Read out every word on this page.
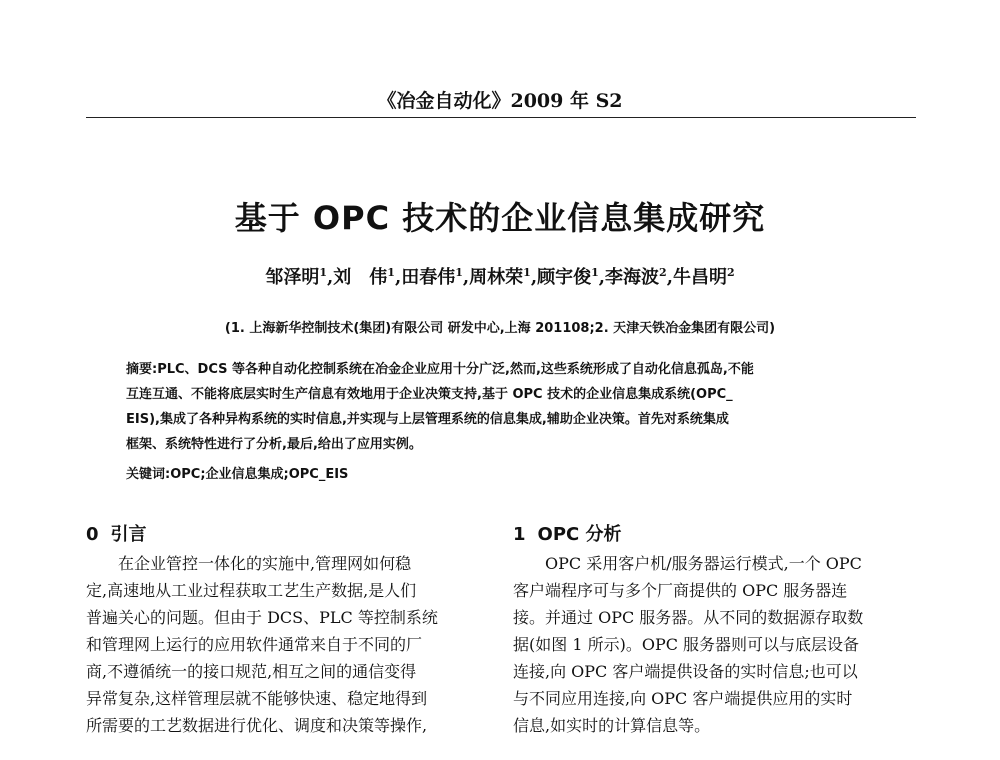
《冶金自动化》2009 年 S2
基于 OPC 技术的企业信息集成研究
邹泽明$^1$,刘　伟$^1$,田春伟$^1$,周林荣$^1$,顾宇俊$^1$,李海波$^2$,牛昌明$^2$
(1. 上海新华控制技术(集团)有限公司 研发中心,上海 201108;2. 天津天铁冶金集团有限公司)
摘要:PLC、DCS 等各种自动化控制系统在冶金企业应用十分广泛,然而,这些系统形成了自动化信息孤岛,不能
互连互通、不能将底层实时生产信息有效地用于企业决策支持,基于 OPC 技术的企业信息集成系统(OPC_
EIS),集成了各种异构系统的实时信息,并实现与上层管理系统的信息集成,辅助企业决策。首先对系统集成
框架、系统特性进行了分析,最后,给出了应用实例。
关键词:OPC;企业信息集成;OPC_EIS
0 引言
在企业管控一体化的实施中,管理网如何稳
定,高速地从工业过程获取工艺生产数据,是人们
普遍关心的问题。但由于 DCS、PLC 等控制系统
和管理网上运行的应用软件通常来自于不同的厂
商,不遵循统一的接口规范,相互之间的通信变得
异常复杂,这样管理层就不能够快速、稳定地得到
所需要的工艺数据进行优化、调度和决策等操作,
1 OPC 分析
OPC 采用客户机/服务器运行模式,一个 OPC
客户端程序可与多个厂商提供的 OPC 服务器连
接。并通过 OPC 服务器。从不同的数据源存取数
据(如图 1 所示)。OPC 服务器则可以与底层设备
连接,向 OPC 客户端提供设备的实时信息;也可以
与不同应用连接,向 OPC 客户端提供应用的实时
信息,如实时的计算信息等。
